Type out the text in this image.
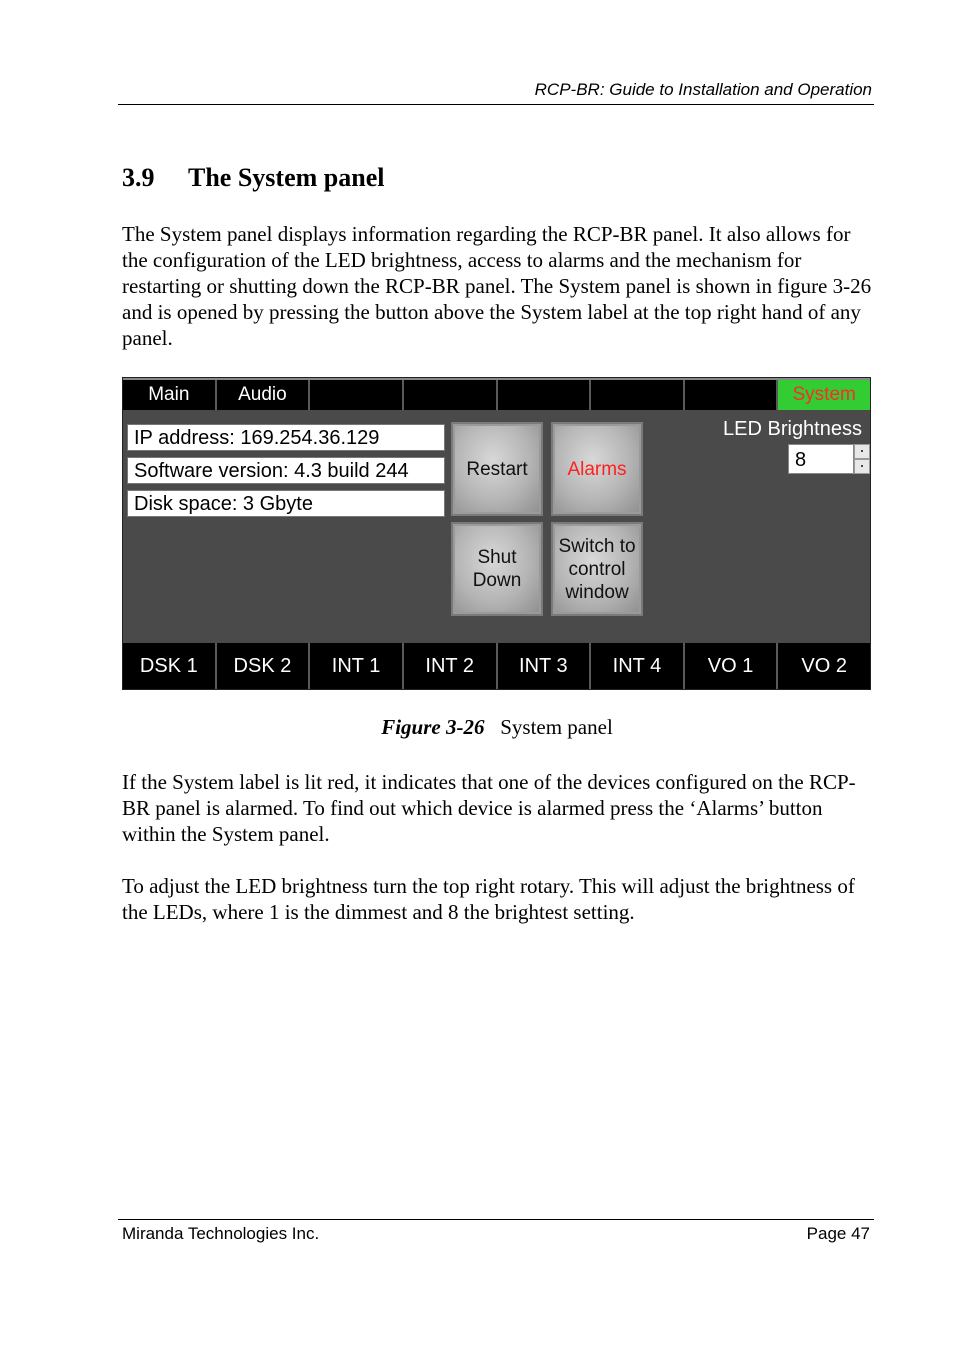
RCP-BR: Guide to Installation and Operation
3.9 The System panel

The System panel displays information regarding the RCP-BR panel. It also allows for the configuration of the LED brightness, access to alarms and the mechanism for restarting or shutting down the RCP-BR panel. The System panel is shown in figure 3-26 and is opened by pressing the button above the System label at the top right hand of any panel.

Main	Audio	System
IP address: 169.254.36.129
Software version: 4.3 build 244
Disk space: 3 Gbyte
Restart	Alarms
Shut
Down
Switch to
control
window
LED Brightness
8
DSK 1	DSK 2	INT 1	INT 2	INT 3	INT 4	VO 1	VO 2
Figure 3-26 System panel

If the System label is lit red, it indicates that one of the devices configured on the RCP-BR panel is alarmed. To find out which device is alarmed press the ‘Alarms’ button within the System panel.

To adjust the LED brightness turn the top right rotary. This will adjust the brightness of the LEDs, where 1 is the dimmest and 8 the brightest setting.

Miranda Technologies Inc.	Page 47
